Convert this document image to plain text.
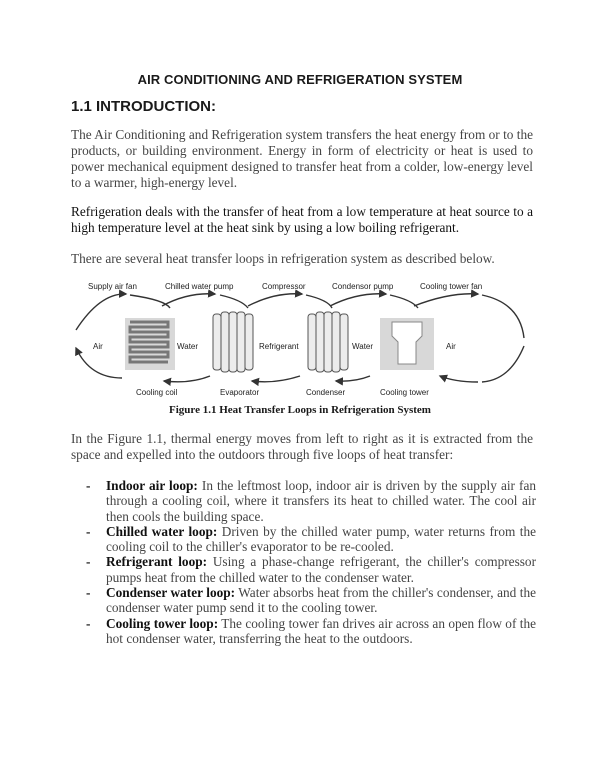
AIR CONDITIONING AND REFRIGERATION SYSTEM
1.1 INTRODUCTION:
The Air Conditioning and Refrigeration system transfers the heat energy from or to the products, or building environment. Energy in form of electricity or heat is used to power mechanical equipment designed to transfer heat from a colder, low-energy level to a warmer, high-energy level.
Refrigeration deals with the transfer of heat from a low temperature at heat source to a high temperature level at the heat sink by using a low boiling refrigerant.
There are several heat transfer loops in refrigeration system as described below.
Supply air fan	Chilled water pump	Compressor	Condensor pump	Cooling tower fan
Air	Water	Refrigerant	Water	Air
Cooling coil	Evaporator	Condenser	Cooling tower
Figure 1.1 Heat Transfer Loops in Refrigeration System
In the Figure 1.1, thermal energy moves from left to right as it is extracted from the space and expelled into the outdoors through five loops of heat transfer:
- Indoor air loop: In the leftmost loop, indoor air is driven by the supply air fan through a cooling coil, where it transfers its heat to chilled water. The cool air then cools the building space.
- Chilled water loop: Driven by the chilled water pump, water returns from the cooling coil to the chiller's evaporator to be re-cooled.
- Refrigerant loop: Using a phase-change refrigerant, the chiller's compressor pumps heat from the chilled water to the condenser water.
- Condenser water loop: Water absorbs heat from the chiller's condenser, and the condenser water pump send it to the cooling tower.
- Cooling tower loop: The cooling tower fan drives air across an open flow of the hot condenser water, transferring the heat to the outdoors.
